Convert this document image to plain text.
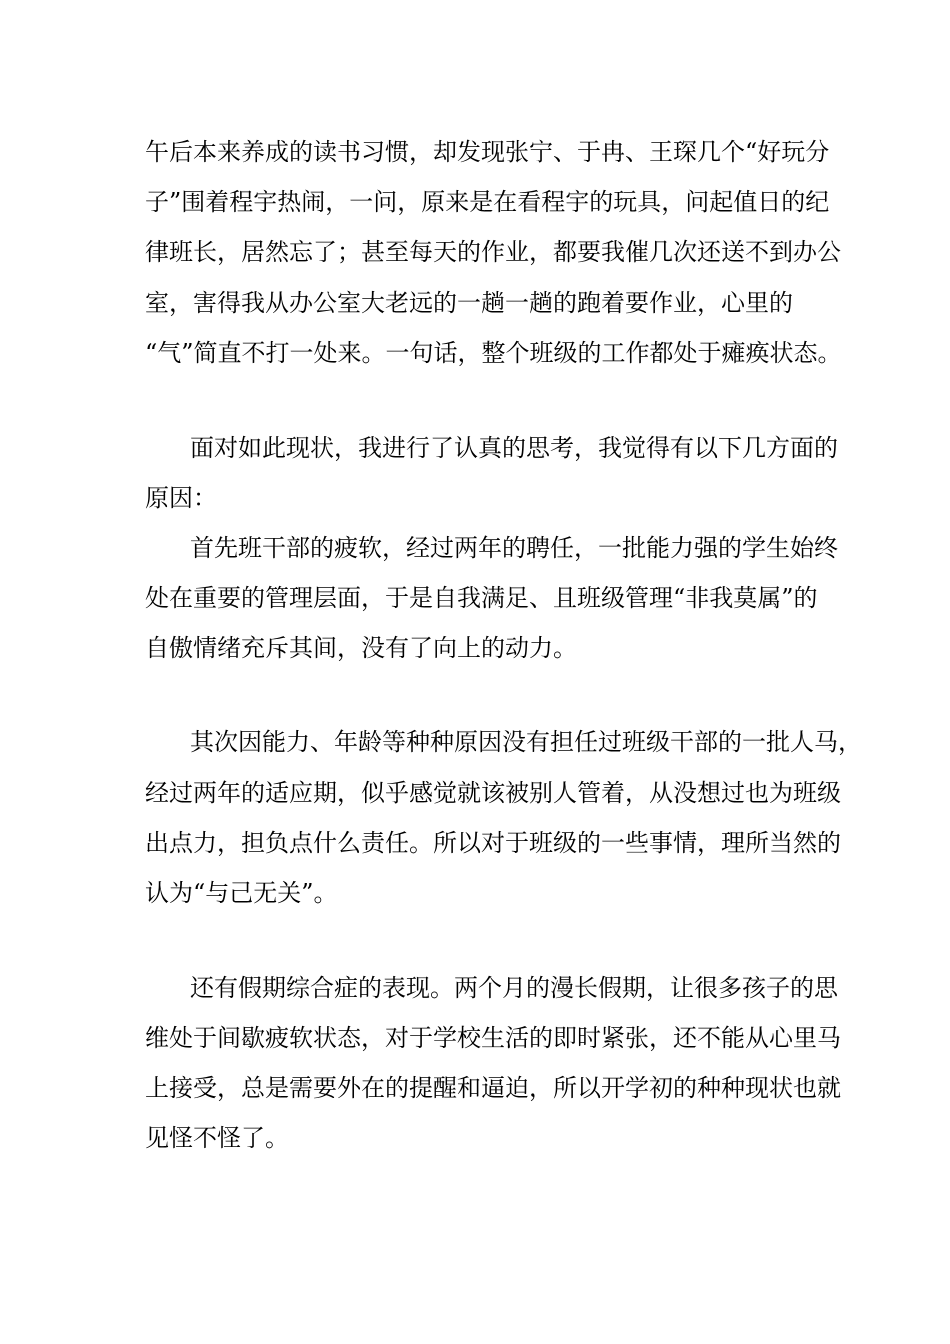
午后本来养成的读书习惯，却发现张宁、于冉、王琛几个“好玩分
子”围着程宇热闹，一问，原来是在看程宇的玩具，问起值日的纪
律班长，居然忘了；甚至每天的作业，都要我催几次还送不到办公
室，害得我从办公室大老远的一趟一趟的跑着要作业，心里的
“气”简直不打一处来。一句话，整个班级的工作都处于瘫痪状态。
面对如此现状，我进行了认真的思考，我觉得有以下几方面的
原因：
首先班干部的疲软，经过两年的聘任，一批能力强的学生始终
处在重要的管理层面，于是自我满足、且班级管理“非我莫属”的
自傲情绪充斥其间，没有了向上的动力。
其次因能力、年龄等种种原因没有担任过班级干部的一批人马，
经过两年的适应期，似乎感觉就该被别人管着，从没想过也为班级
出点力，担负点什么责任。所以对于班级的一些事情，理所当然的
认为“与己无关”。
还有假期综合症的表现。两个月的漫长假期，让很多孩子的思
维处于间歇疲软状态，对于学校生活的即时紧张，还不能从心里马
上接受，总是需要外在的提醒和逼迫，所以开学初的种种现状也就
见怪不怪了。
